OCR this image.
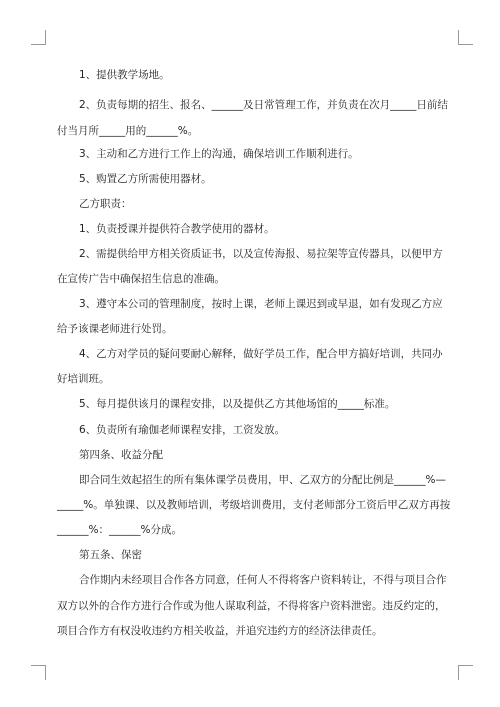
1、提供教学场地。
2、负责每期的招生、报名、______及日常管理工作，并负责在次月_____日前结
付当月所_____用的______%。
3、主动和乙方进行工作上的沟通，确保培训工作顺利进行。
5、购置乙方所需使用器材。
乙方职责：
1、负责授课并提供符合教学使用的器材。
2、需提供给甲方相关资质证书，以及宣传海报、易拉架等宣传器具，以便甲方
在宣传广告中确保招生信息的准确。
3、遵守本公司的管理制度，按时上课，老师上课迟到或早退，如有发现乙方应
给予该课老师进行处罚。
4、乙方对学员的疑问要耐心解释，做好学员工作，配合甲方搞好培训，共同办
好培训班。
5、每月提供该月的课程安排，以及提供乙方其他场馆的_____标准。
6、负责所有瑜伽老师课程安排，工资发放。
第四条、收益分配
即合同生效起招生的所有集体课学员费用，甲、乙双方的分配比例是______%—
_____%。单独课、以及教师培训，考级培训费用，支付老师部分工资后甲乙双方再按
______%：______%分成。
第五条、保密
合作期内未经项目合作各方同意，任何人不得将客户资料转让，不得与项目合作
双方以外的合作方进行合作或为他人谋取利益，不得将客户资料泄密。违反约定的，
项目合作方有权没收违约方相关收益，并追究违约方的经济法律责任。
